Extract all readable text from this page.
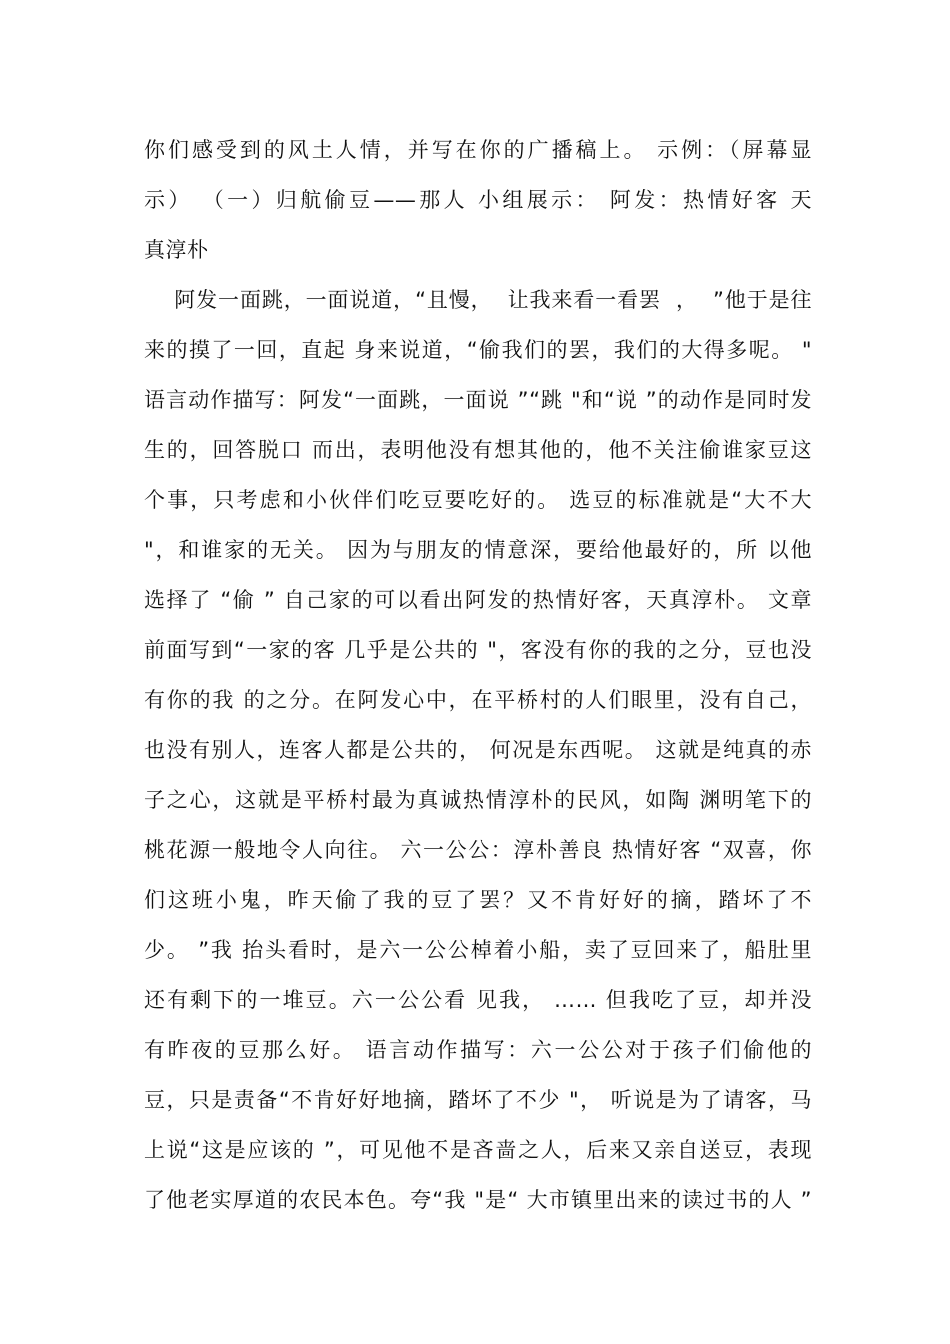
你们感受到的风土人情，并写在你的广播稿上。 示例：（屏幕显
示） （一）归航偷豆——那人 小组展示： 阿发：热情好客 天
真淳朴
阿发一面跳，一面说道，“且慢，  让我来看一看罢  ，  ”他于是往
来的摸了一回，直起 身来说道，“偷我们的罢，我们的大得多呢。 "
语言动作描写：阿发“一面跳，一面说 ”“跳 "和“说 ”的动作是同时发
生的，回答脱口 而出，表明他没有想其他的，他不关注偷谁家豆这
个事，只考虑和小伙伴们吃豆要吃好的。 选豆的标准就是“大不大
"，和谁家的无关。 因为与朋友的情意深，要给他最好的，所 以他
选择了 “偷 ” 自己家的可以看出阿发的热情好客，天真淳朴。 文章
前面写到“一家的客 几乎是公共的 "，客没有你的我的之分，豆也没
有你的我 的之分。在阿发心中，在平桥村的人们眼里，没有自己，
也没有别人，连客人都是公共的， 何况是东西呢。 这就是纯真的赤
子之心，这就是平桥村最为真诚热情淳朴的民风，如陶 渊明笔下的
桃花源一般地令人向往。 六一公公：淳朴善良 热情好客 “双喜，你
们这班小鬼，昨天偷了我的豆了罢？又不肯好好的摘，踏坏了不
少。 ”我 抬头看时，是六一公公棹着小船，卖了豆回来了，船肚里
还有剩下的一堆豆。六一公公看 见我， …… 但我吃了豆，却并没
有昨夜的豆那么好。 语言动作描写：六一公公对于孩子们偷他的
豆，只是责备“不肯好好地摘，踏坏了不少 "， 听说是为了请客，马
上说“这是应该的 ”，可见他不是吝啬之人，后来又亲自送豆，表现
了他老实厚道的农民本色。夸“我 "是“ 大市镇里出来的读过书的人 ”
